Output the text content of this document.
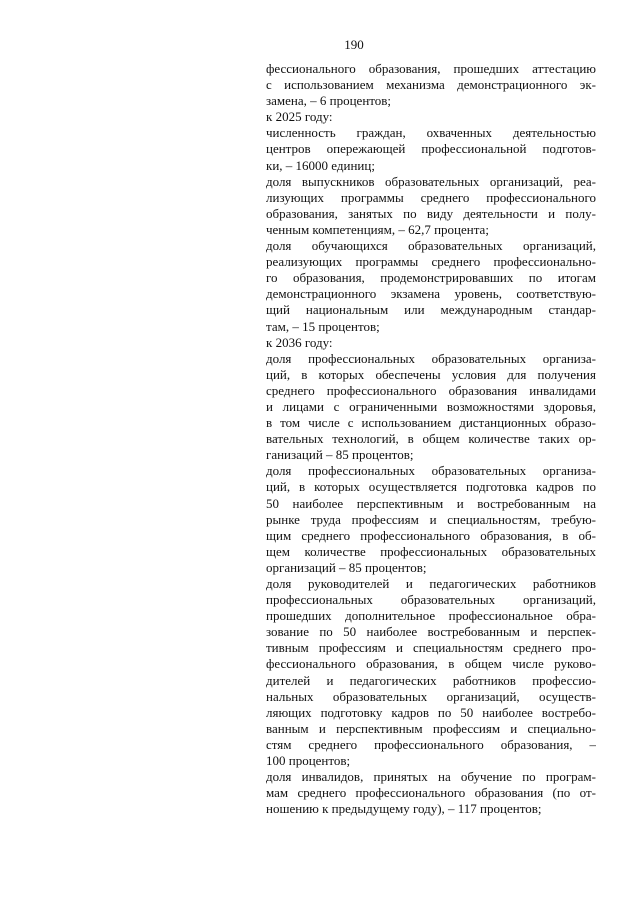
190
фессионального образования, прошедших аттестацию
с использованием механизма демонстрационного эк-
замена, – 6 процентов;
к 2025 году:
численность граждан, охваченных деятельностью
центров опережающей профессиональной подготов-
ки, – 16000 единиц;
доля выпускников образовательных организаций, реа-
лизующих программы среднего профессионального
образования, занятых по виду деятельности и полу-
ченным компетенциям, – 62,7 процента;
доля обучающихся образовательных организаций,
реализующих программы среднего профессионально-
го образования, продемонстрировавших по итогам
демонстрационного экзамена уровень, соответствую-
щий национальным или международным стандар-
там, – 15 процентов;
к 2036 году:
доля профессиональных образовательных организа-
ций, в которых обеспечены условия для получения
среднего профессионального образования инвалидами
и лицами с ограниченными возможностями здоровья,
в том числе с использованием дистанционных образо-
вательных технологий, в общем количестве таких ор-
ганизаций – 85 процентов;
доля профессиональных образовательных организа-
ций, в которых осуществляется подготовка кадров по
50 наиболее перспективным и востребованным на
рынке труда профессиям и специальностям, требую-
щим среднего профессионального образования, в об-
щем количестве профессиональных образовательных
организаций – 85 процентов;
доля руководителей и педагогических работников
профессиональных образовательных организаций,
прошедших дополнительное профессиональное обра-
зование по 50 наиболее востребованным и перспек-
тивным профессиям и специальностям среднего про-
фессионального образования, в общем числе руково-
дителей и педагогических работников профессио-
нальных образовательных организаций, осуществ-
ляющих подготовку кадров по 50 наиболее востребо-
ванным и перспективным профессиям и специально-
стям среднего профессионального образования, –
100 процентов;
доля инвалидов, принятых на обучение по програм-
мам среднего профессионального образования (по от-
ношению к предыдущему году), – 117 процентов;
